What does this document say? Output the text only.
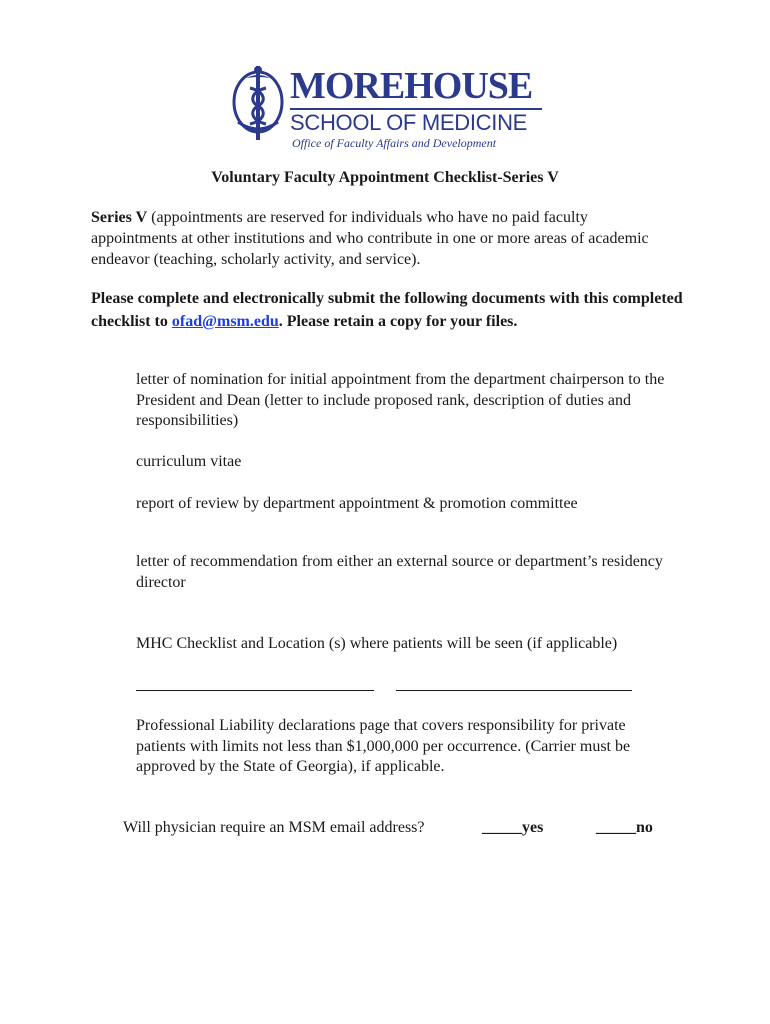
MOREHOUSE
SCHOOL OF MEDICINE
Office of Faculty Affairs and Development
Voluntary Faculty Appointment Checklist-Series V
Series V (appointments are reserved for individuals who have no paid faculty appointments at other institutions and who contribute in one or more areas of academic endeavor (teaching, scholarly activity, and service).
Please complete and electronically submit the following documents with this completed checklist to ofad@msm.edu. Please retain a copy for your files.
letter of nomination for initial appointment from the department chairperson to the President and Dean (letter to include proposed rank, description of duties and responsibilities)
curriculum vitae
report of review by department appointment & promotion committee
letter of recommendation from either an external source or department’s residency director
MHC Checklist and Location (s) where patients will be seen (if applicable)
Professional Liability declarations page that covers responsibility for private patients with limits not less than $1,000,000 per occurrence. (Carrier must be approved by the State of Georgia), if applicable.
Will physician require an MSM email address?	_____yes	_____no
